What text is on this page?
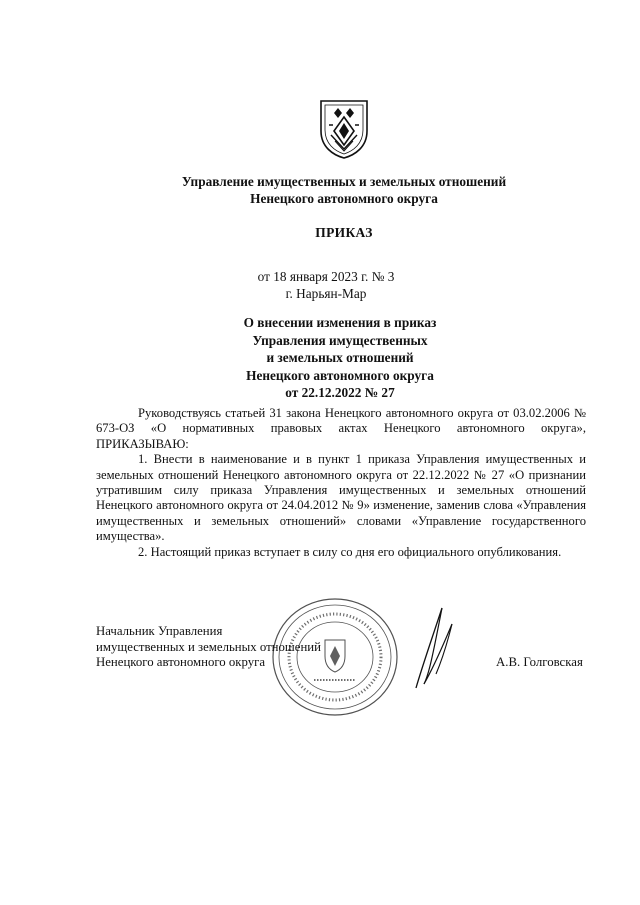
Управление имущественных и земельных отношений
Ненецкого автономного округа
ПРИКАЗ
от 18 января 2023 г. № 3
г. Нарьян-Мар
О внесении изменения в приказ
Управления имущественных
и земельных отношений
Ненецкого автономного округа
от 22.12.2022 № 27

Руководствуясь статьей 31 закона Ненецкого автономного округа от 03.02.2006 № 673-ОЗ «О нормативных правовых актах Ненецкого автономного округа», ПРИКАЗЫВАЮ:

1. Внести в наименование и в пункт 1 приказа Управления имущественных и земельных отношений Ненецкого автономного округа от 22.12.2022 № 27 «О признании утратившим силу приказа Управления имущественных и земельных отношений Ненецкого автономного округа от 24.04.2012 № 9» изменение, заменив слова «Управления имущественных и земельных отношений» словами «Управление государственного имущества».

2. Настоящий приказ вступает в силу со дня его официального опубликования.

Начальник Управления
имущественных и земельных отношений
Ненецкого автономного округа	А.В. Голговская
